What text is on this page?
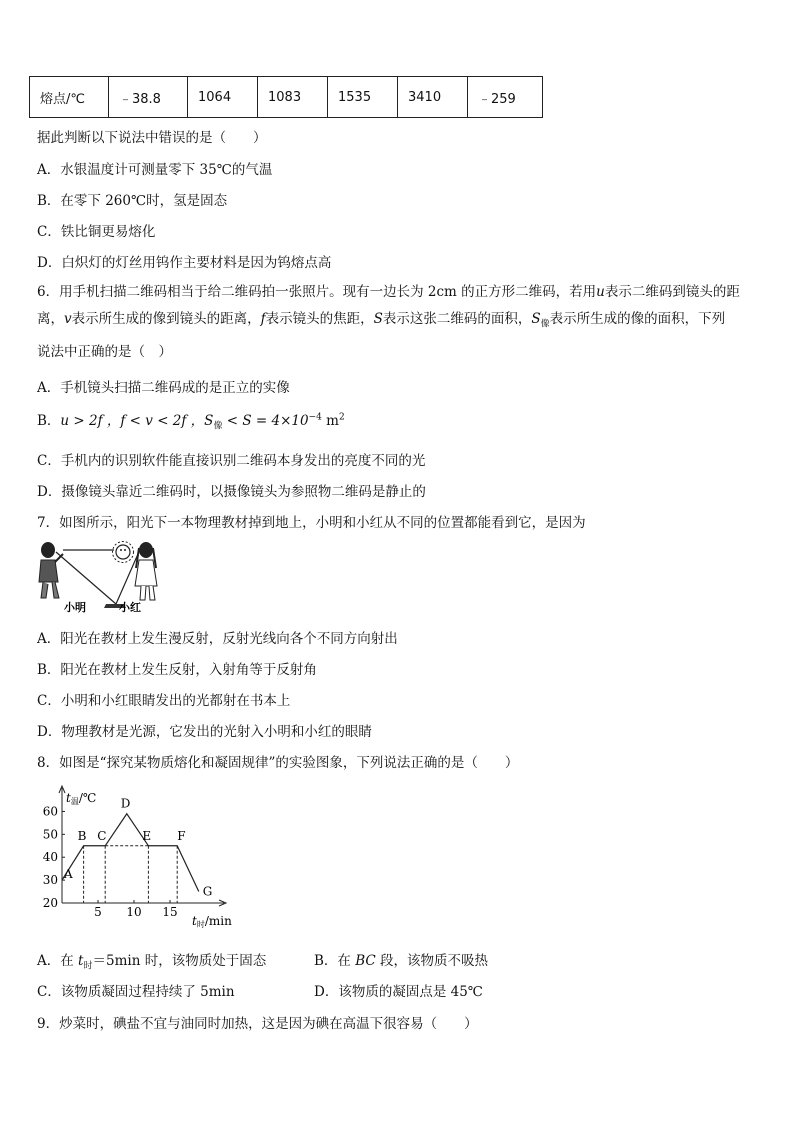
熔点/℃	﹣38.8	1064	1083	1535	3410	﹣259
据此判断以下说法中错误的是（　　）
A．水银温度计可测量零下 35℃的气温
B．在零下 260℃时，氢是固态
C．铁比铜更易熔化
D．白炽灯的灯丝用钨作主要材料是因为钨熔点高
6．用手机扫描二维码相当于给二维码拍一张照片。现有一边长为 2cm 的正方形二维码，若用u表示二维码到镜头的距
离，v表示所生成的像到镜头的距离，f表示镜头的焦距，S表示这张二维码的面积，$S_像$表示所生成的像的面积，下列
说法中正确的是（　）
A．手机镜头扫描二维码成的是正立的实像
B．u > 2f ，f < v < 2f ，$S_像 < S = 4\times 10^{-4}$ $m^2$
C．手机内的识别软件能直接识别二维码本身发出的亮度不同的光
D．摄像镜头靠近二维码时，以摄像镜头为参照物二维码是静止的
7．如图所示，阳光下一本物理教材掉到地上，小明和小红从不同的位置都能看到它，是因为
小明	小红
A．阳光在教材上发生漫反射，反射光线向各个不同方向射出
B．阳光在教材上发生反射，入射角等于反射角
C．小明和小红眼睛发出的光都射在书本上
D．物理教材是光源，它发出的光射入小明和小红的眼睛
8．如图是“探究某物质熔化和凝固规律”的实验图象，下列说法正确的是（　　）
60
50
40
30
20
5 10 15
A
B C
D
E F
G
t温/℃
t时/min
A．在 $t_时=5\min$ 时，该物质处于固态	B．在 BC 段，该物质不吸热
C．该物质凝固过程持续了 5min	D．该物质的凝固点是 45℃
9．炒菜时，碘盐不宜与油同时加热，这是因为碘在高温下很容易（　　）
